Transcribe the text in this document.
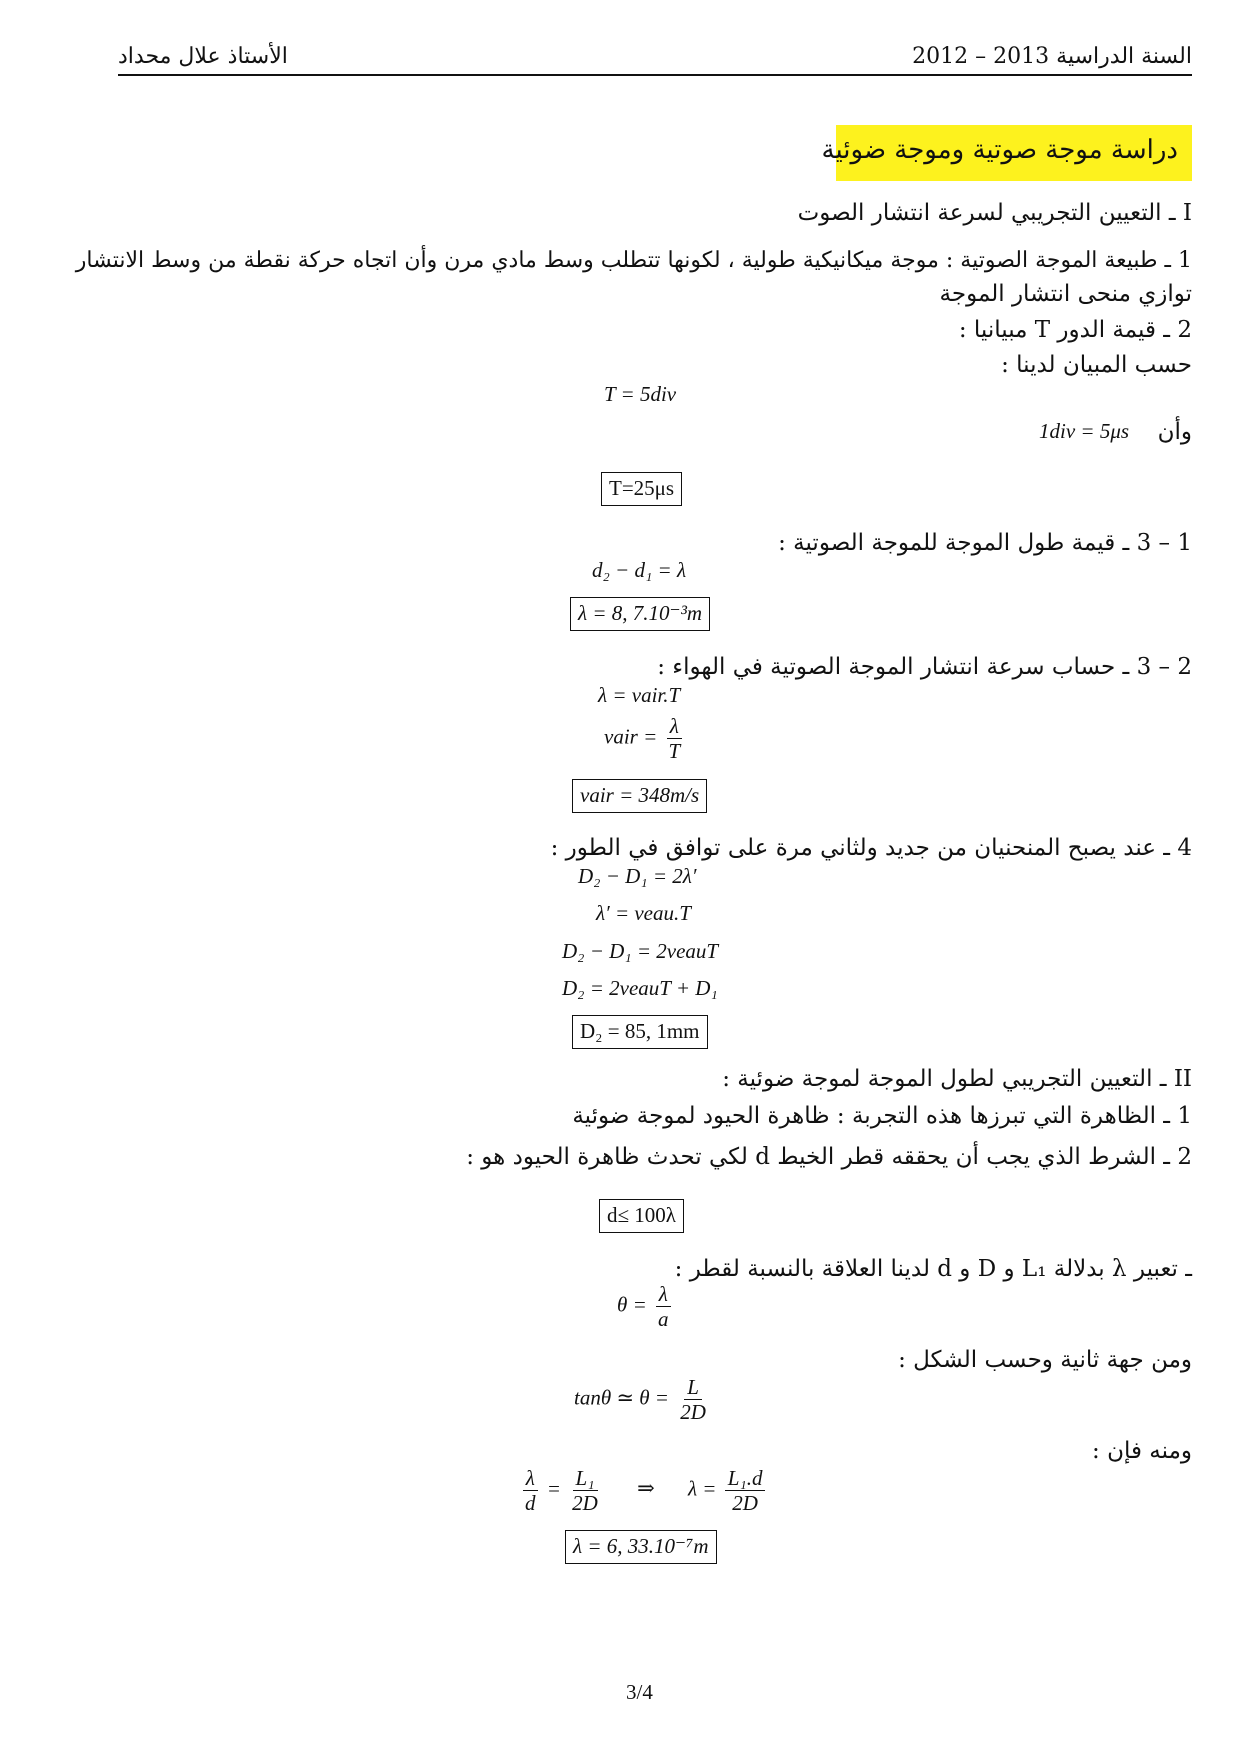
السنة الدراسية 2013 – 2012
الأستاذ علال محداد
دراسة موجة صوتية وموجة ضوئية
I ـ التعيين التجريبي لسرعة انتشار الصوت
1 ـ طبيعة الموجة الصوتية : موجة ميكانيكية طولية ، لكونها تتطلب وسط مادي مرن وأن اتجاه حركة نقطة من وسط الانتشار
توازي منحى انتشار الموجة
2 ـ قيمة الدور T مبيانيا :
حسب المبيان لدينا :
T = 5div
وأن
1div = 5μs
T=25μs
1 – 3 ـ قيمة طول الموجة للموجة الصوتية :
d₂ − d₁ = λ
λ = 8, 7.10⁻³m
2 – 3 ـ حساب سرعة انتشار الموجة الصوتية في الهواء :
λ = vair.T
vair = $\frac{\lambda}{T}$
vair = 348m/s
4 ـ عند يصبح المنحنيان من جديد ولثاني مرة على توافق في الطور :
D₂ − D₁ = 2λ′
λ′ = veau.T
D₂ − D₁ = 2veauT
D₂ = 2veauT + D₁
D₂ = 85, 1mm
II ـ التعيين التجريبي لطول الموجة لموجة ضوئية :
1 ـ الظاهرة التي تبرزها هذه التجربة : ظاهرة الحيود لموجة ضوئية
2 ـ الشرط الذي يجب أن يحققه قطر الخيط d لكي تحدث ظاهرة الحيود هو :
d≤ 100λ
ـ تعبير λ بدلالة L₁ و D و d لدينا العلاقة بالنسبة لقطر :
$\theta = \frac{\lambda}{a}$
ومن جهة ثانية وحسب الشكل :
tanθ ≃ $\theta = \frac{L}{2D}$
ومنه فإن :
$\frac{\lambda}{d} = \frac{\text{L₁}}{2D}$ ⇒ $\lambda = \frac{\text{L₁.d}}{2D}$
λ = 6, 33.10⁻⁷m
3/4
